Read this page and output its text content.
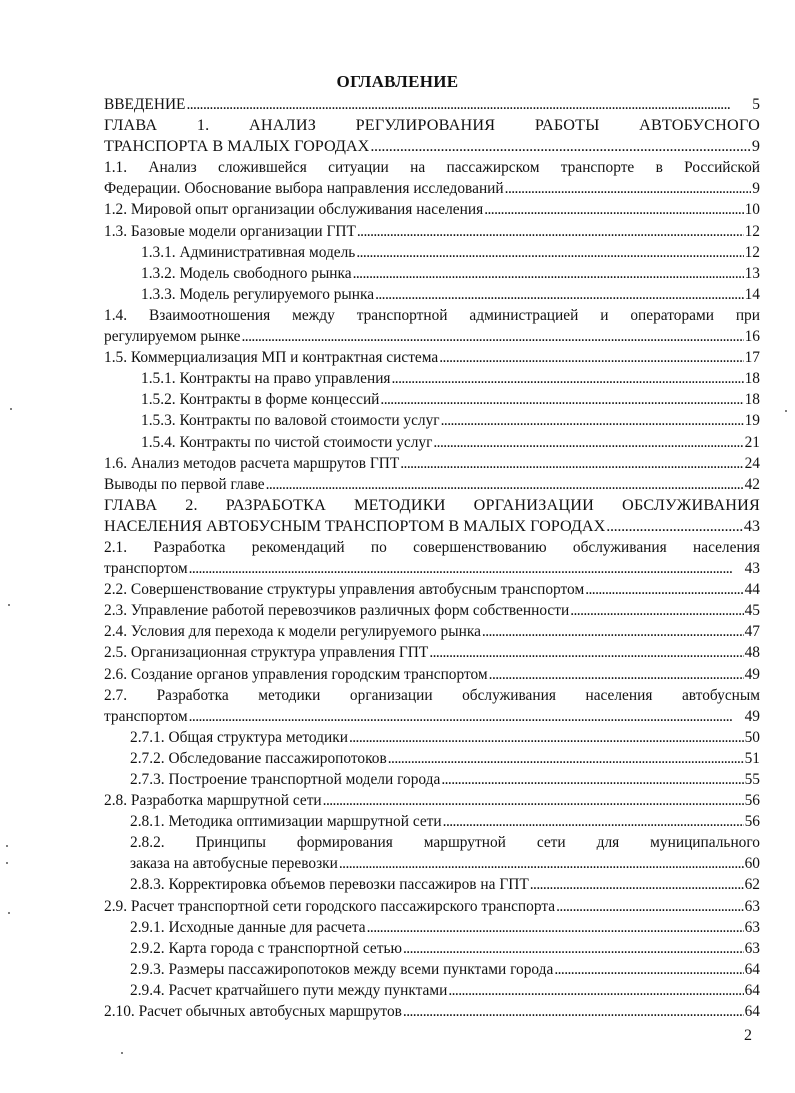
ОГЛАВЛЕНИЕ
ВВЕДЕНИЕ . . .	5
ГЛАВА 1. АНАЛИЗ РЕГУЛИРОВАНИЯ РАБОТЫ АВТОБУСНОГО
ТРАНСПОРТА В МАЛЫХ ГОРОДАХ . . .	9
1.1. Анализ сложившейся ситуации на пассажирском транспорте в Российской
Федерации. Обоснование выбора направления исследований . . .	9
1.2. Мировой опыт организации обслуживания населения . . .	10
1.3. Базовые модели организации ГПТ . . .	12
1.3.1. Административная модель . . .	12
1.3.2. Модель свободного рынка . . .	13
1.3.3. Модель регулируемого рынка . . .	14
1.4. Взаимоотношения между транспортной администрацией и операторами при
регулируемом рынке . . .	16
1.5. Коммерциализация МП и контрактная система . . .	17
1.5.1. Контракты на право управления . . .	18
1.5.2. Контракты в форме концессий . . .	18
1.5.3. Контракты по валовой стоимости услуг . . .	19
1.5.4. Контракты по чистой стоимости услуг . . .	21
1.6. Анализ методов расчета маршрутов ГПТ . . .	24
Выводы по первой главе . . .	42
ГЛАВА 2. РАЗРАБОТКА МЕТОДИКИ ОРГАНИЗАЦИИ ОБСЛУЖИВАНИЯ
НАСЕЛЕНИЯ АВТОБУСНЫМ ТРАНСПОРТОМ В МАЛЫХ ГОРОДАХ . . .	43
2.1. Разработка рекомендаций по совершенствованию обслуживания населения
транспортом . . .	43
2.2. Совершенствование структуры управления автобусным транспортом . . .	44
2.3. Управление работой перевозчиков различных форм собственности . . .	45
2.4. Условия для перехода к модели регулируемого рынка . . .	47
2.5. Организационная структура управления ГПТ . . .	48
2.6. Создание органов управления городским транспортом . . .	49
2.7. Разработка методики организации обслуживания населения автобусным
транспортом . . .	49
2.7.1. Общая структура методики . . .	50
2.7.2. Обследование пассажиропотоков . . .	51
2.7.3. Построение транспортной модели города . . .	55
2.8. Разработка маршрутной сети . . .	56
2.8.1. Методика оптимизации маршрутной сети . . .	56
2.8.2. Принципы формирования маршрутной сети для муниципального
заказа на автобусные перевозки . . .	60
2.8.3. Корректировка объемов перевозки пассажиров на ГПТ . . .	62
2.9. Расчет транспортной сети городского пассажирского транспорта . . .	63
2.9.1. Исходные данные для расчета . . .	63
2.9.2. Карта города с транспортной сетью . . .	63
2.9.3. Размеры пассажиропотоков между всеми пунктами города . . .	64
2.9.4. Расчет кратчайшего пути между пунктами . . .	64
2.10. Расчет обычных автобусных маршрутов . . .	64
2
